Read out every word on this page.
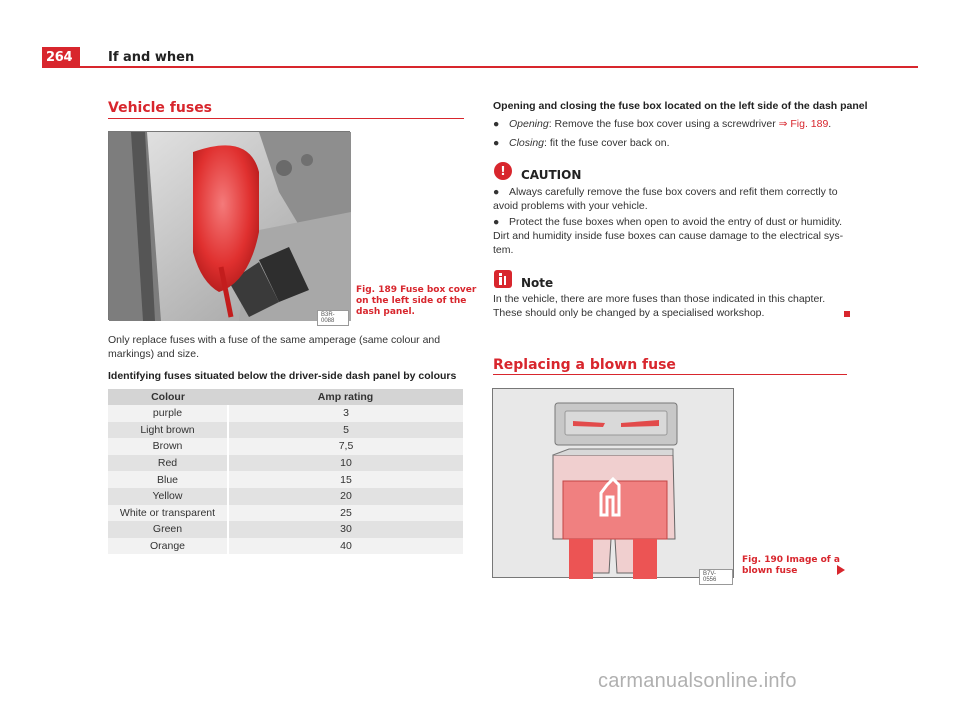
264	If and when
Vehicle fuses
B3R-0088
Fig. 189 Fuse box cover
on the left side of the
dash panel.
Only replace fuses with a fuse of the same amperage (same colour and
markings) and size.
Identifying fuses situated below the driver-side dash panel by colours
Colour	Amp rating
purple	3
Light brown	5
Brown	7,5
Red	10
Blue	15
Yellow	20
White or transparent	25
Green	30
Orange	40
Opening and closing the fuse box located on the left side of the dash panel
● Opening: Remove the fuse box cover using a screwdriver ⇒ Fig. 189.
● Closing: fit the fuse cover back on.
!	CAUTION
● Always carefully remove the fuse box covers and refit them correctly to
avoid problems with your vehicle.
● Protect the fuse boxes when open to avoid the entry of dust or humidity.
Dirt and humidity inside fuse boxes can cause damage to the electrical sys-
tem.
Note
In the vehicle, there are more fuses than those indicated in this chapter.
These should only be changed by a specialised workshop.
Replacing a blown fuse
B7V-0556
Fig. 190 Image of a
blown fuse
carmanualsonline.info
